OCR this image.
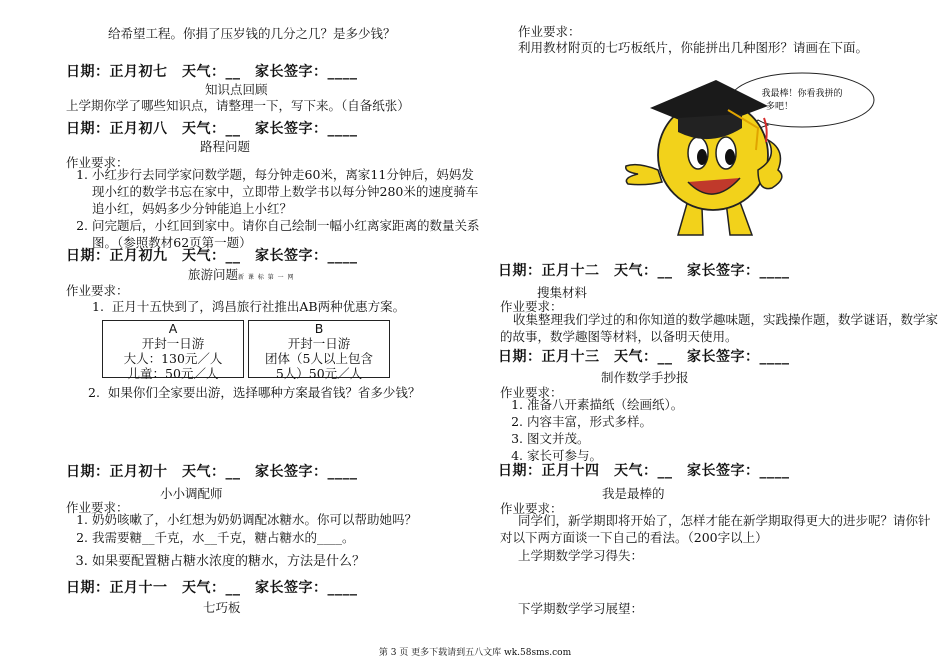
给希望工程。你捐了压岁钱的几分之几？是多少钱？
日期：正月初七　天气：__　家长签字：____
知识点回顾
上学期你学了哪些知识点，请整理一下，写下来。（自备纸张）
日期：正月初八　天气：__　家长签字：____
路程问题
作业要求：
1. 小红步行去同学家问数学题，每分钟走60米，离家11分钟后，妈妈发现小红的数学书忘在家中，立即带上数学书以每分钟280米的速度骑车追小红，妈妈多少分钟能追上小红？
2. 问完题后，小红回到家中。请你自己绘制一幅小红离家距离的数量关系图。（参照教材62页第一题）
日期：正月初九　天气：__　家长签字：____
旅游问题新 课 标 第 一 网
作业要求：
1.  正月十五快到了，鸿昌旅行社推出AB两种优惠方案。
A
开封一日游
大人：130元／人
儿童：50元／人
B
开封一日游
团体（5人以上包含
5人）50元／人
2.  如果你们全家要出游，选择哪种方案最省钱？省多少钱？
日期：正月初十　天气：__　家长签字：____
小小调配师
作业要求：
1. 奶奶咳嗽了，小红想为奶奶调配冰糖水。你可以帮助她吗？
2. 我需要糖__千克，水__千克，糖占糖水的____。
3. 如果要配置糖占糖水浓度的糖水，方法是什么？
日期：正月十一　天气：__　家长签字：____
七巧板
作业要求：
利用教材附页的七巧板纸片，你能拼出几种图形？请画在下面。
我最棒！你看我拼的
多吧！
日期：正月十二　天气：__　家长签字：____
搜集材料
作业要求：
收集整理我们学过的和你知道的数学趣味题，实践操作题，数学谜语，数学家的故事，数学趣图等材料，以备明天使用。
日期：正月十三　天气：__　家长签字：____
制作数学手抄报
作业要求：
1. 准备八开素描纸（绘画纸）。
2. 内容丰富，形式多样。
3. 图文并茂。
4. 家长可参与。
日期：正月十四　天气：__　家长签字：____
我是最棒的
作业要求：
同学们，新学期即将开始了，怎样才能在新学期取得更大的进步呢？请你针对以下两方面谈一下自己的看法。（200字以上）
上学期数学学习得失：
下学期数学学习展望：
第 3 页 更多下载请到五八文库 wk.58sms.com
